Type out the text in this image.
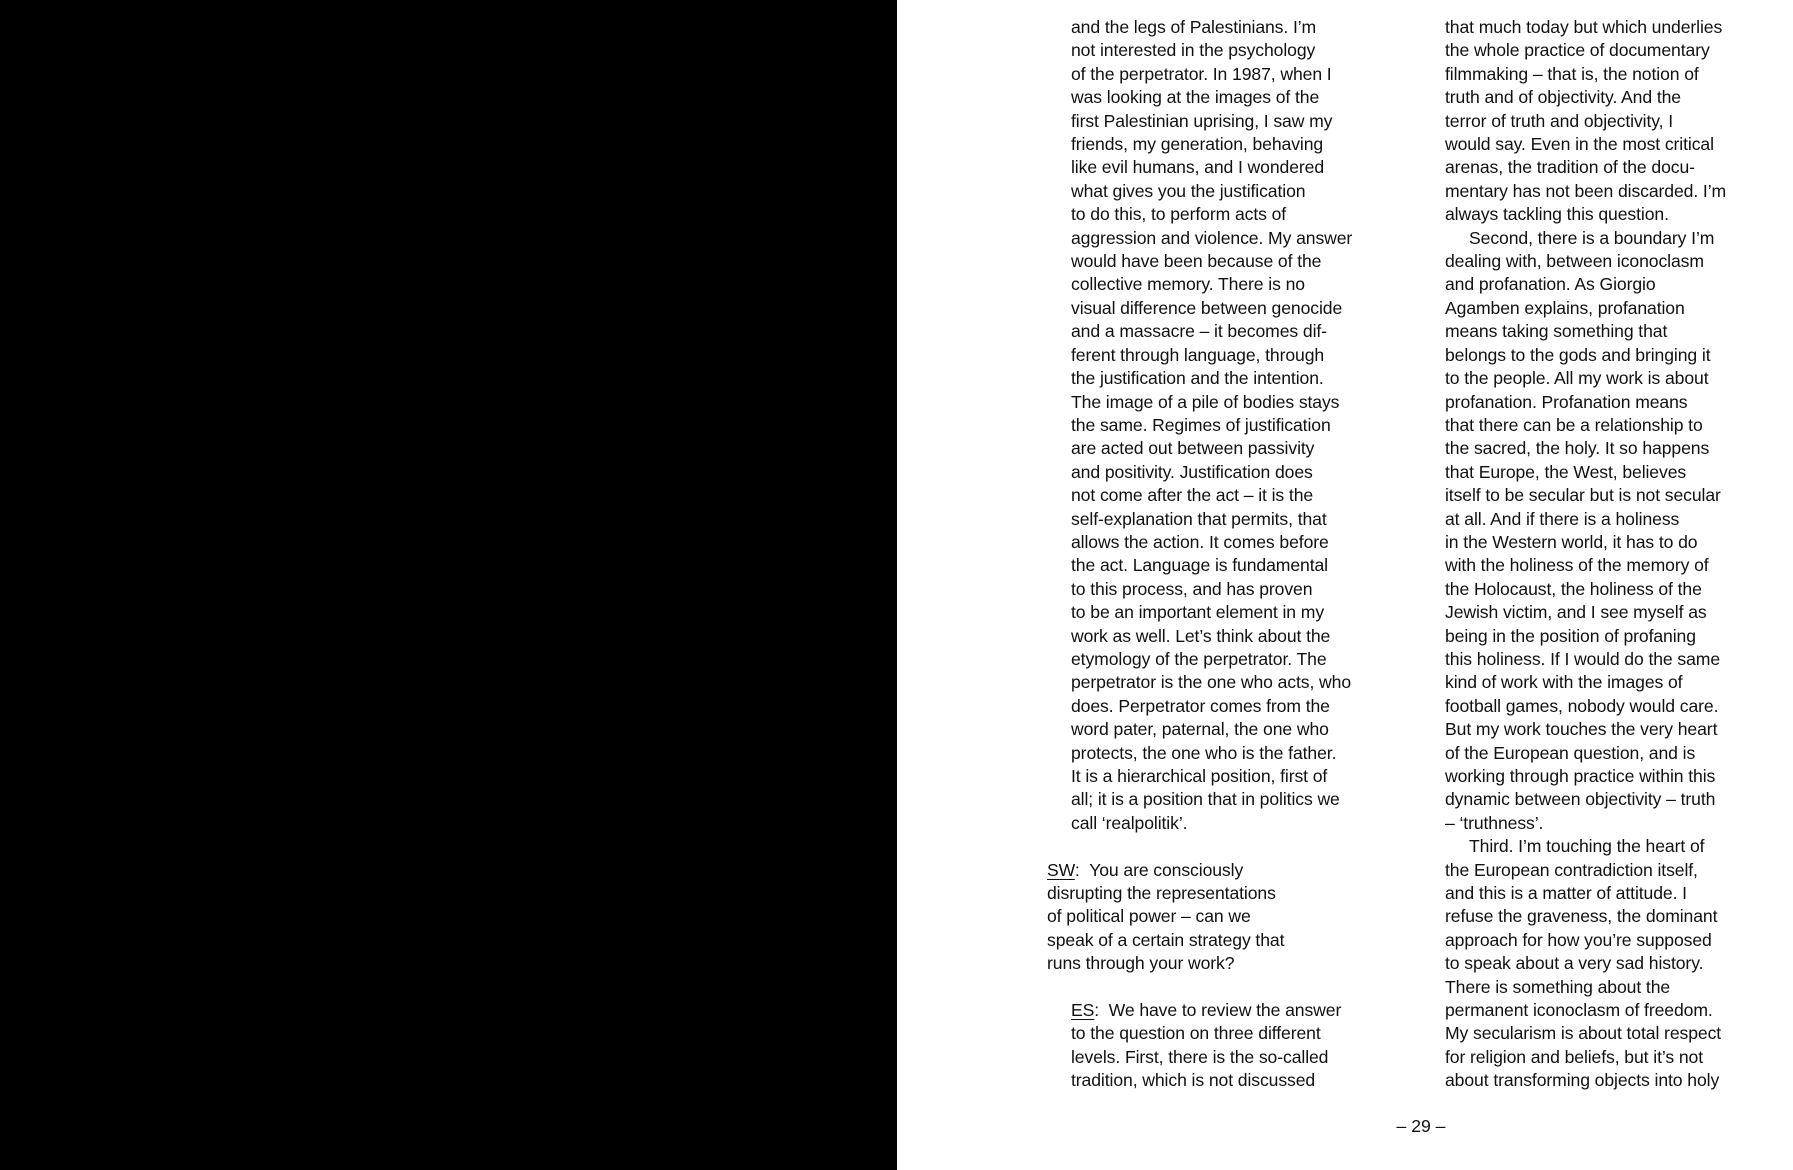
and the legs of Palestinians. I’m
not interested in the psychology
of the perpetrator. In 1987, when I
was looking at the images of the
first Palestinian uprising, I saw my
friends, my generation, behaving
like evil humans, and I wondered
what gives you the justification
to do this, to perform acts of
aggression and violence. My answer
would have been because of the
collective memory. There is no
visual difference between genocide
and a massacre – it becomes dif-
ferent through language, through
the justification and the intention.
The image of a pile of bodies stays
the same. Regimes of justification
are acted out between passivity
and positivity. Justification does
not come after the act – it is the
self-explanation that permits, that
allows the action. It comes before
the act. Language is fundamental
to this process, and has proven
to be an important element in my
work as well. Let’s think about the
etymology of the perpetrator. The
perpetrator is the one who acts, who
does. Perpetrator comes from the
word pater, paternal, the one who
protects, the one who is the father.
It is a hierarchical position, first of
all; it is a position that in politics we
call ‘realpolitik’.
SW:  You are consciously
disrupting the representations
of political power – can we
speak of a certain strategy that
runs through your work?
ES:  We have to review the answer
to the question on three different
levels. First, there is the so-called
tradition, which is not discussed
that much today but which underlies
the whole practice of documentary
filmmaking – that is, the notion of
truth and of objectivity. And the
terror of truth and objectivity, I
would say. Even in the most critical
arenas, the tradition of the docu-
mentary has not been discarded. I’m
always tackling this question.
Second, there is a boundary I’m
dealing with, between iconoclasm
and profanation. As Giorgio
Agamben explains, profanation
means taking something that
belongs to the gods and bringing it
to the people. All my work is about
profanation. Profanation means
that there can be a relationship to
the sacred, the holy. It so happens
that Europe, the West, believes
itself to be secular but is not secular
at all. And if there is a holiness
in the Western world, it has to do
with the holiness of the memory of
the Holocaust, the holiness of the
Jewish victim, and I see myself as
being in the position of profaning
this holiness. If I would do the same
kind of work with the images of
football games, nobody would care.
But my work touches the very heart
of the European question, and is
working through practice within this
dynamic between objectivity – truth
– ‘truthness’.
Third. I’m touching the heart of
the European contradiction itself,
and this is a matter of attitude. I
refuse the graveness, the dominant
approach for how you’re supposed
to speak about a very sad history.
There is something about the
permanent iconoclasm of freedom.
My secularism is about total respect
for religion and beliefs, but it’s not
about transforming objects into holy
– 29 –
